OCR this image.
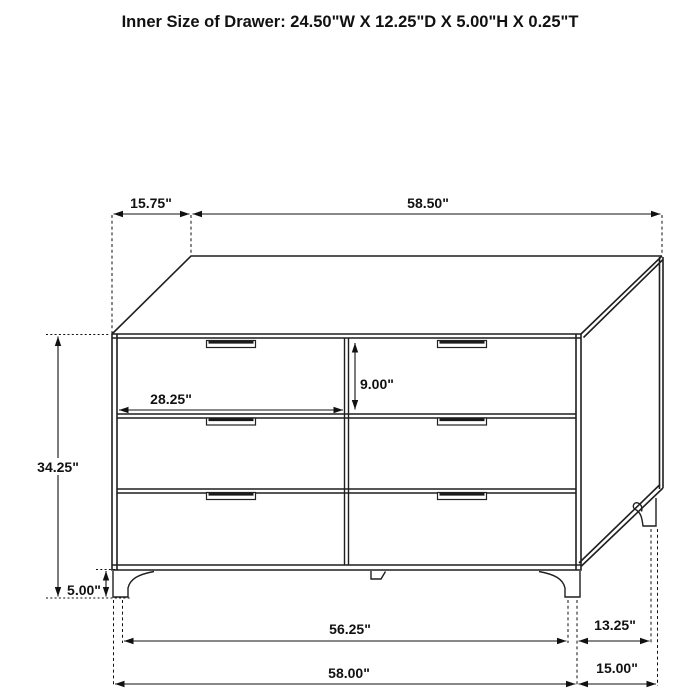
Inner Size of Drawer: 24.50"W X 12.25"D X 5.00"H X 0.25"T
15.75"	58.50"
28.25"
9.00"
34.25"
5.00"
56.25"
58.00"
13.25"
15.00"
